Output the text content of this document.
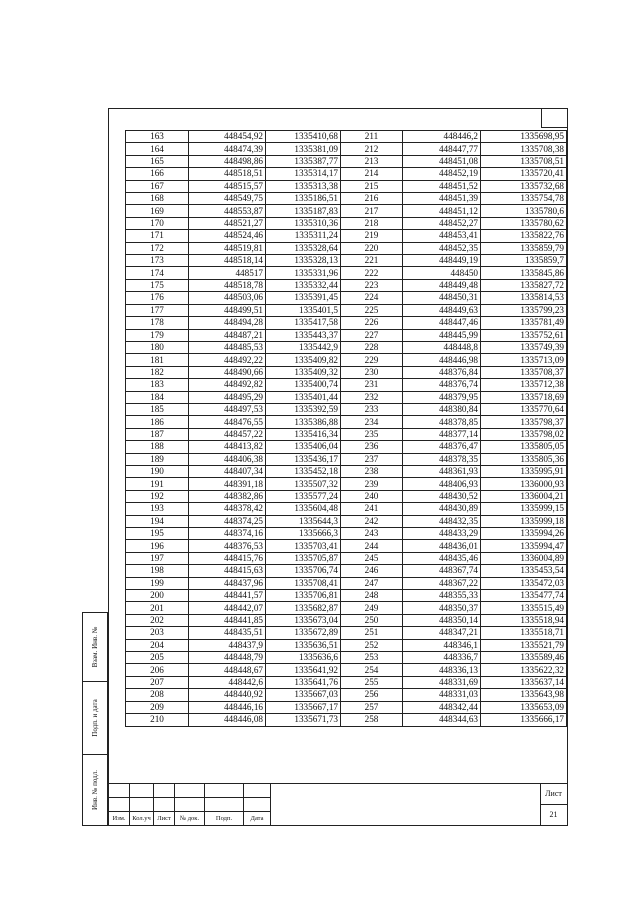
163	448454,92	1335410,68	211	448446,2	1335698,95
164	448474,39	1335381,09	212	448447,77	1335708,38
165	448498,86	1335387,77	213	448451,08	1335708,51
166	448518,51	1335314,17	214	448452,19	1335720,41
167	448515,57	1335313,38	215	448451,52	1335732,68
168	448549,75	1335186,51	216	448451,39	1335754,78
169	448553,87	1335187,83	217	448451,12	1335780,6
170	448521,27	1335310,36	218	448452,27	1335780,62
171	448524,46	1335311,24	219	448453,41	1335822,76
172	448519,81	1335328,64	220	448452,35	1335859,79
173	448518,14	1335328,13	221	448449,19	1335859,7
174	448517	1335331,96	222	448450	1335845,86
175	448518,78	1335332,44	223	448449,48	1335827,72
176	448503,06	1335391,45	224	448450,31	1335814,53
177	448499,51	1335401,5	225	448449,63	1335799,23
178	448494,28	1335417,58	226	448447,46	1335781,49
179	448487,21	1335443,37	227	448445,99	1335752,61
180	448485,53	1335442,9	228	448448,8	1335749,39
181	448492,22	1335409,82	229	448446,98	1335713,09
182	448490,66	1335409,32	230	448376,84	1335708,37
183	448492,82	1335400,74	231	448376,74	1335712,38
184	448495,29	1335401,44	232	448379,95	1335718,69
185	448497,53	1335392,59	233	448380,84	1335770,64
186	448476,55	1335386,88	234	448378,85	1335798,37
187	448457,22	1335416,34	235	448377,14	1335798,02
188	448413,82	1335406,04	236	448376,47	1335805,05
189	448406,38	1335436,17	237	448378,35	1335805,36
190	448407,34	1335452,18	238	448361,93	1335995,91
191	448391,18	1335507,32	239	448406,93	1336000,93
192	448382,86	1335577,24	240	448430,52	1336004,21
193	448378,42	1335604,48	241	448430,89	1335999,15
194	448374,25	1335644,3	242	448432,35	1335999,18
195	448374,16	1335666,3	243	448433,29	1335994,26
196	448376,53	1335703,41	244	448436,01	1335994,47
197	448415,76	1335705,87	245	448435,46	1336004,89
198	448415,63	1335706,74	246	448367,74	1335453,54
199	448437,96	1335708,41	247	448367,22	1335472,03
200	448441,57	1335706,81	248	448355,33	1335477,74
201	448442,07	1335682,87	249	448350,37	1335515,49
202	448441,85	1335673,04	250	448350,14	1335518,94
203	448435,51	1335672,89	251	448347,21	1335518,71
204	448437,9	1335636,51	252	448346,1	1335521,79
205	448448,79	1335636,6	253	448336,7	1335589,46
206	448448,67	1335641,92	254	448336,13	1335622,32
207	448442,6	1335641,76	255	448331,69	1335637,14
208	448440,92	1335667,03	256	448331,03	1335643,98
209	448446,16	1335667,17	257	448342,44	1335653,09
210	448446,08	1335671,73	258	448344,63	1335666,17
Взам. Инв. №
Подп. и дата
Инв. № подл.
Изм.	Кол.уч Лист	№ док.	Подп.	Дата
Лист
21
